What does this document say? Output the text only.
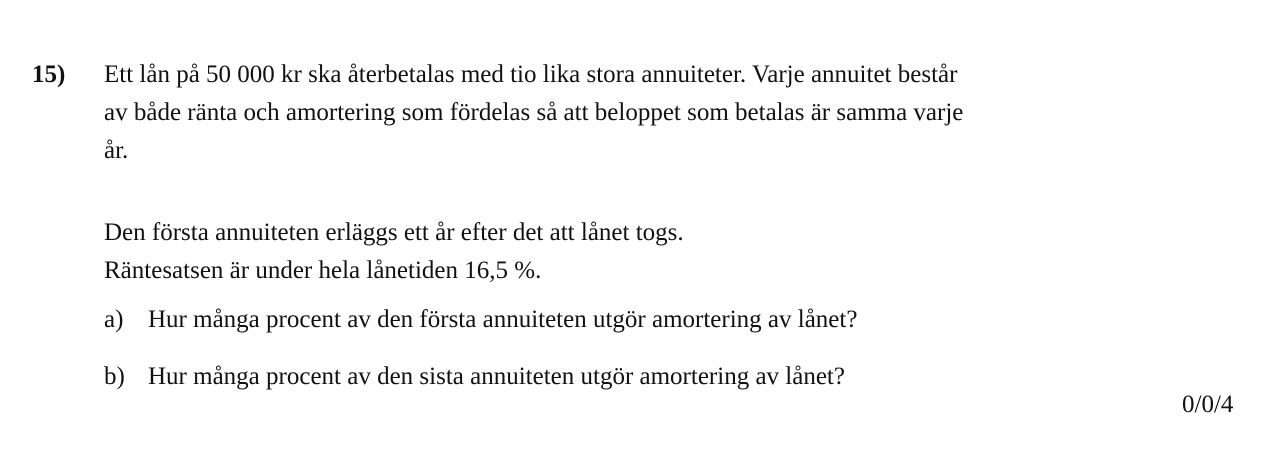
15) Ett lån på 50 000 kr ska återbetalas med tio lika stora annuiteter. Varje annuitet består
av både ränta och amortering som fördelas så att beloppet som betalas är samma varje
år.

Den första annuiteten erläggs ett år efter det att lånet togs.
Räntesatsen är under hela lånetiden 16,5 %.

a) Hur många procent av den första annuiteten utgör amortering av lånet?
b) Hur många procent av den sista annuiteten utgör amortering av lånet?
0/0/4
